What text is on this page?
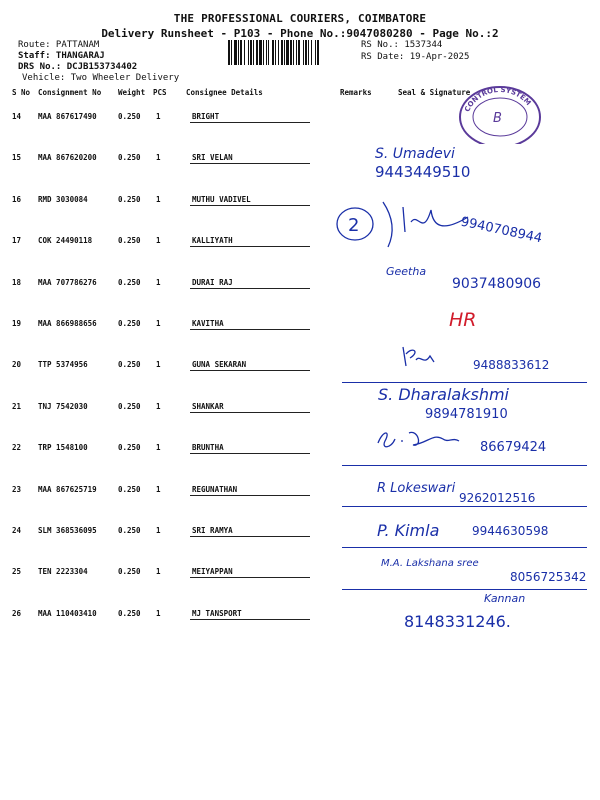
THE PROFESSIONAL COURIERS, COIMBATORE
Delivery Runsheet - P103 - Phone No.:9047080280 - Page No.:2
Route: PATTANAM
Staff: THANGARAJ
DRS No.: DCJB153734402
Vehicle: Two Wheeler Delivery
RS No.: 1537344
RS Date: 19-Apr-2025
S No Consignment No Weight PCS	Consignee Details	Remarks	Seal & Signature
14 MAA 867617490	0.250 1	BRIGHT
15 MAA 867620200	0.250 1	SRI VELAN
16 RMD 3030084	0.250 1	MUTHU VADIVEL
17 COK 24490118	0.250 1	KALLIYATH
18 MAA 707786276	0.250 1	DURAI RAJ
19 MAA 866988656	0.250 1	KAVITHA
20 TTP 5374956	0.250 1	GUNA SEKARAN
21 TNJ 7542030	0.250 1	SHANKAR
22 TRP 1548100	0.250 1	BRUNTHA
23 MAA 867625719	0.250 1	REGUNATHAN
24 SLM 368536095	0.250 1	SRI RAMYA
25 TEN 2223304	0.250 1	MEIYAPPAN
26 MAA 110403410	0.250 1	MJ TANSPORT
CONTROL SYSTEM
B
S. Umadevi
9443449510
2	9940708944
Geetha
9037480906
HR
9488833612
S. Dharalakshmi
9894781910
86679424
R Lokeswari
9262012516
P. Kimla	9944630598
M.A. Lakshana sree
8056725342
Kannan
8148331246.
